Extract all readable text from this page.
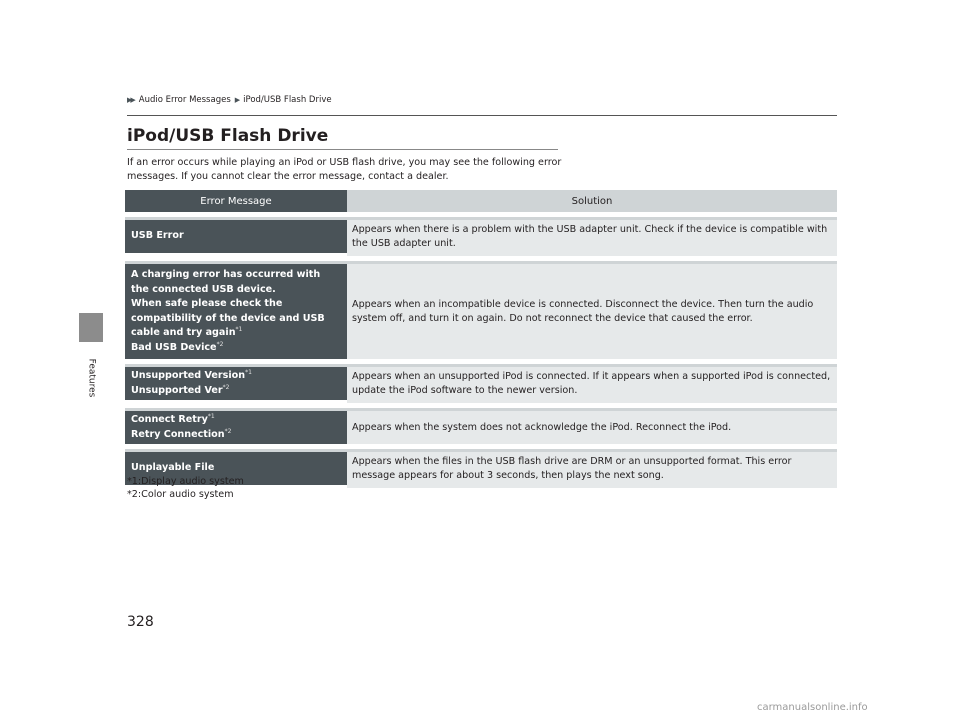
Features
▶▶ Audio Error Messages ▶ iPod/USB Flash Drive
iPod/USB Flash Drive
If an error occurs while playing an iPod or USB flash drive, you may see the following error messages. If you cannot clear the error message, contact a dealer.
Error Message	Solution
USB Error
Appears when there is a problem with the USB adapter unit. Check if the device is compatible with the USB adapter unit.
A charging error has occurred with
the connected USB device.
When safe please check the
compatibility of the device and USB
cable and try again$^{*1}$
Bad USB Device$^{*2}$
Appears when an incompatible device is connected. Disconnect the device. Then turn the audio system off, and turn it on again. Do not reconnect the device that caused the error.
Unsupported Version$^{*1}$
Unsupported Ver$^{*2}$
Appears when an unsupported iPod is connected. If it appears when a supported iPod is connected, update the iPod software to the newer version.
Connect Retry$^{*1}$
Retry Connection$^{*2}$	Appears when the system does not acknowledge the iPod. Reconnect the iPod.
Unplayable File
Appears when the files in the USB flash drive are DRM or an unsupported format. This error message appears for about 3 seconds, then plays the next song.
*1:Display audio system
*2:Color audio system
328
carmanualsonline.info
